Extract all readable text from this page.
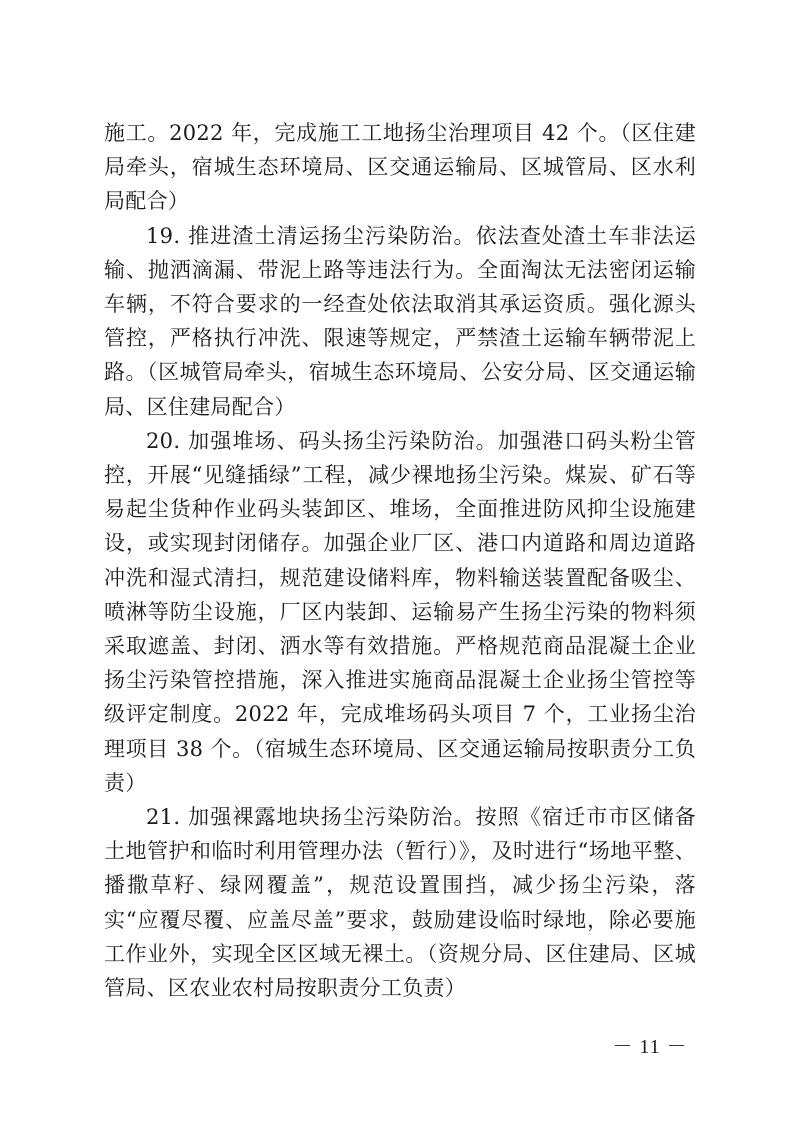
施工。2022 年，完成施工工地扬尘治理项目 42 个。（区住建局牵头，宿城生态环境局、区交通运输局、区城管局、区水利局配合）

19. 推进渣土清运扬尘污染防治。依法查处渣土车非法运输、抛洒滴漏、带泥上路等违法行为。全面淘汰无法密闭运输车辆，不符合要求的一经查处依法取消其承运资质。强化源头管控，严格执行冲洗、限速等规定，严禁渣土运输车辆带泥上路。（区城管局牵头，宿城生态环境局、公安分局、区交通运输局、区住建局配合）

20. 加强堆场、码头扬尘污染防治。加强港口码头粉尘管控，开展“见缝插绿”工程，减少裸地扬尘污染。煤炭、矿石等易起尘货种作业码头装卸区、堆场，全面推进防风抑尘设施建设，或实现封闭储存。加强企业厂区、港口内道路和周边道路冲洗和湿式清扫，规范建设储料库，物料输送装置配备吸尘、喷淋等防尘设施，厂区内装卸、运输易产生扬尘污染的物料须采取遮盖、封闭、洒水等有效措施。严格规范商品混凝土企业扬尘污染管控措施，深入推进实施商品混凝土企业扬尘管控等级评定制度。2022 年，完成堆场码头项目 7 个，工业扬尘治理项目 38 个。（宿城生态环境局、区交通运输局按职责分工负责）

21. 加强裸露地块扬尘污染防治。按照《宿迁市市区储备土地管护和临时利用管理办法（暂行）》，及时进行“场地平整、播撒草籽、绿网覆盖”，规范设置围挡，减少扬尘污染，落实“应覆尽覆、应盖尽盖”要求，鼓励建设临时绿地，除必要施工作业外，实现全区区域无裸土。（资规分局、区住建局、区城管局、区农业农村局按职责分工负责）

－ 11 －
